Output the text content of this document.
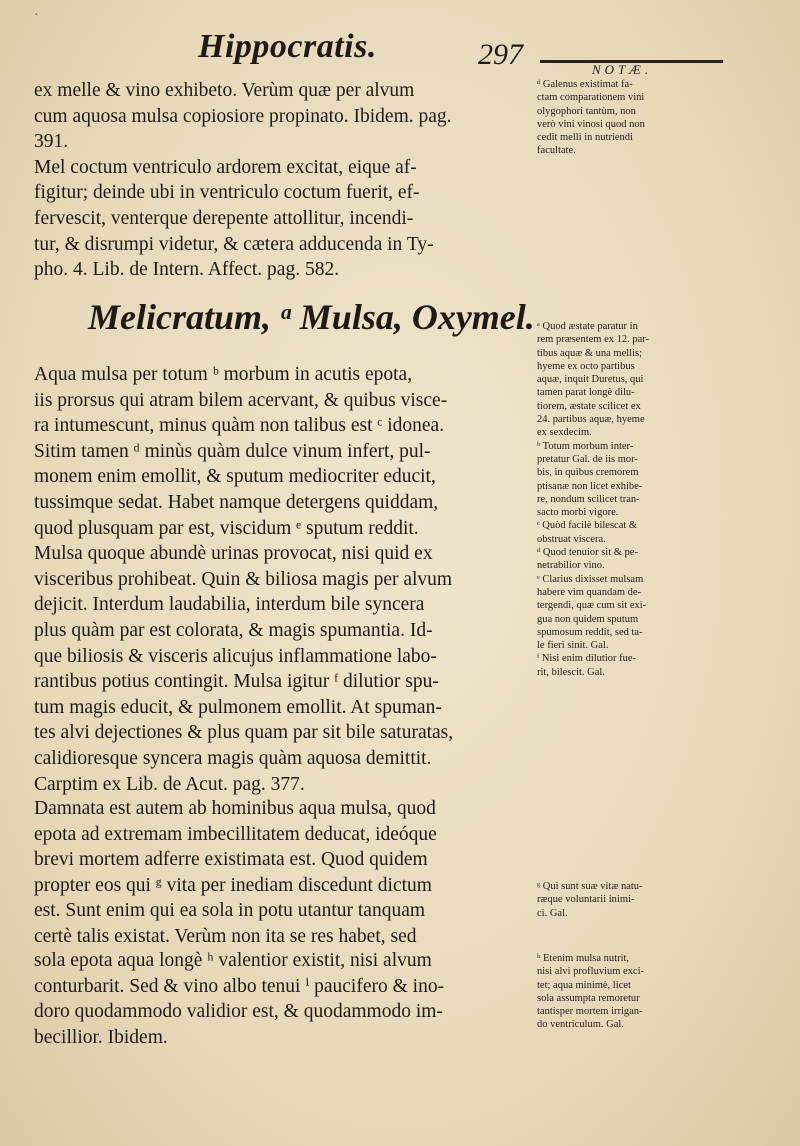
·
Hippocratis.	297	NOTÆ.
ex melle & vino exhibeto. Verùm quæ per alvum
cum aquosa mulsa copiosiore propinato. Ibidem. pag.
391.
Mel coctum ventriculo ardorem excitat, eique af-
figitur; deinde ubi in ventriculo coctum fuerit, ef-
fervescit, venterque derepente attollitur, incendi-
tur, & disrumpi videtur, & cætera adducenda in Ty-
pho. 4. Lib. de Intern. Affect. pag. 582.
Melicratum, ᵃ Mulsa, Oxymel.
Aqua mulsa per totum ᵇ morbum in acutis epota,
iis prorsus qui atram bilem acervant, & quibus visce-
ra intumescunt, minus quàm non talibus est ᶜ idonea.
Sitim tamen ᵈ minùs quàm dulce vinum infert, pul-
monem enim emollit, & sputum mediocriter educit,
tussimque sedat. Habet namque detergens quiddam,
quod plusquam par est, viscidum ᵉ sputum reddit.
Mulsa quoque abundè urinas provocat, nisi quid ex
visceribus prohibeat. Quin & biliosa magis per alvum
dejicit. Interdum laudabilia, interdum bile syncera
plus quàm par est colorata, & magis spumantia. Id-
que biliosis & visceris alicujus inflammatione labo-
rantibus potius contingit. Mulsa igitur ᶠ dilutior spu-
tum magis educit, & pulmonem emollit. At spuman-
tes alvi dejectiones & plus quam par sit bile saturatas,
calidioresque syncera magis quàm aquosa demittit.
Carptim ex Lib. de Acut. pag. 377.
Damnata est autem ab hominibus aqua mulsa, quod
epota ad extremam imbecillitatem deducat, ideóque
brevi mortem adferre existimata est. Quod quidem
propter eos qui ᵍ vita per inediam discedunt dictum
est. Sunt enim qui ea sola in potu utantur tanquam
certè talis existat. Verùm non ita se res habet, sed
sola epota aqua longè ʰ valentior existit, nisi alvum
conturbarit. Sed & vino albo tenui ⁱ paucifero & ino-
doro quodammodo validior est, & quodammodo im-
becillior. Ibidem.
ᵈ Galenus existimat fa-
ctam comparationem vini
olygophori tantùm, non
verò vini vinosi quod non
cedit melli in nutriendi
facultate.
ᵃ Quod æstate paratur in
rem præsentem ex 12. par-
tibus aquæ & una mellis;
hyeme ex octo partibus
aquæ, inquit Duretus, qui
tamen parat longè dilu-
tiorem, æstate scilicet ex
24. partibus aquæ, hyeme
ex sexdecim.
ᵇ Totum morbum inter-
pretatur Gal. de iis mor-
bis, in quibus cremorem
ptisanæ non licet exhibe-
re, nondum scilicet tran-
sacto morbi vigore.
ᶜ Quòd facilè bilescat &
obstruat viscera.
ᵈ Quod tenuior sit & pe-
netrabilior vino.
ᵉ Clarius dixisset mulsam
habere vim quandam de-
tergendi, quæ cum sit exi-
gua non quidem sputum
spumosum reddit, sed ta-
le fieri sinit. Gal.
ᶠ Nisi enim dilutior fue-
rit, bilescit. Gal.
ᵍ Qui sunt suæ vitæ natu-
ræque voluntarii inimi-
ci. Gal.
ʰ Etenim mulsa nutrit,
nisi alvi profluvium exci-
tet; aqua minimè, licet
sola assumpta remoretur
tantisper mortem irrigan-
do ventriculum. Gal.
